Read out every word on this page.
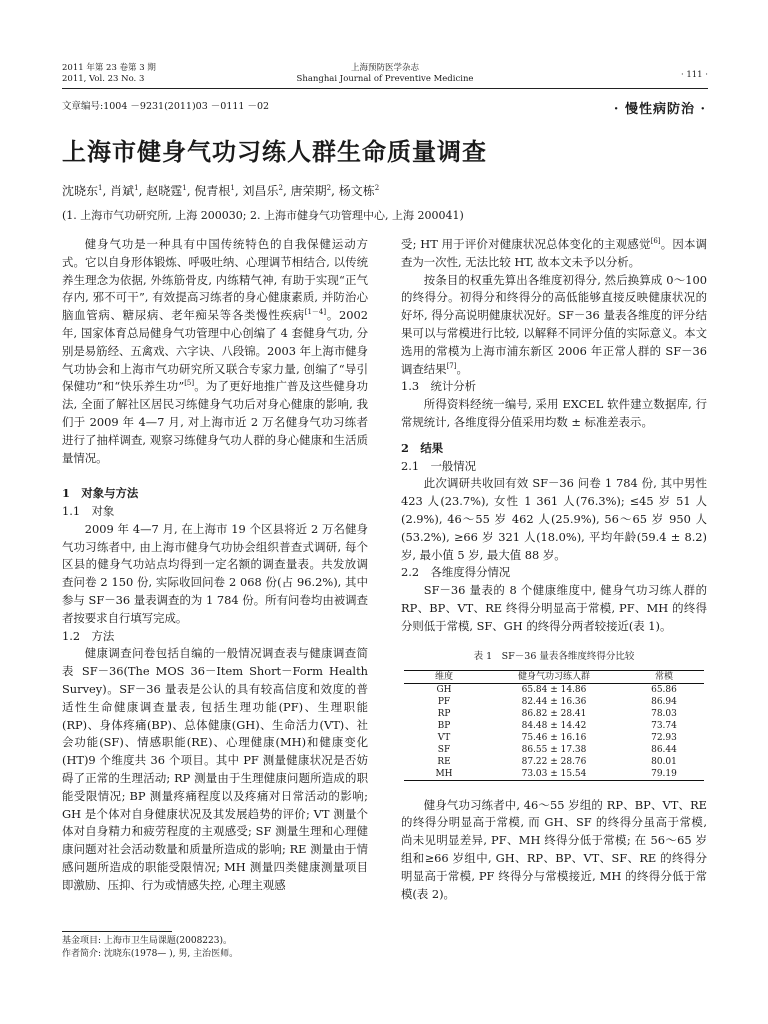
2011 年第 23 卷第 3 期
2011, Vol. 23 No. 3
上海预防医学杂志
Shanghai Journal of Preventive Medicine	· 111 ·
文章编号:1004 －9231(2011)03 －0111 －02	· 慢性病防治 ·
上海市健身气功习练人群生命质量调查
沈晓东$^1$, 肖斌$^1$, 赵晓霆$^1$, 倪青根$^1$, 刘昌乐$^2$, 唐荣期$^2$, 杨文栋$^2$
(1. 上海市气功研究所, 上海 200030; 2. 上海市健身气功管理中心, 上海 200041)

健身气功是一种具有中国传统特色的自我保健运动方式。它以自身形体锻炼、呼吸吐纳、心理调节相结合, 以传统养生理念为依据, 外练筋骨皮, 内练精气神, 有助于实现“正气存内, 邪不可干”, 有效提高习练者的身心健康素质, 并防治心脑血管病、糖尿病、老年痴呆等各类慢性疾病[1－4]。2002 年, 国家体育总局健身气功管理中心创编了 4 套健身气功, 分别是易筋经、五禽戏、六字诀、八段锦。2003 年上海市健身气功协会和上海市气功研究所又联合专家力量, 创编了“导引保健功”和“快乐养生功”[5]。为了更好地推广普及这些健身功法, 全面了解社区居民习练健身气功后对身心健康的影响, 我们于 2009 年 4—7 月, 对上海市近 2 万名健身气功习练者进行了抽样调查, 观察习练健身气功人群的身心健康和生活质量情况。

1　对象与方法
1.1　对象

2009 年 4—7 月, 在上海市 19 个区县将近 2 万名健身气功习练者中, 由上海市健身气功协会组织普查式调研, 每个区县的健身气功站点均得到一定名额的调查量表。共发放调查问卷 2 150 份, 实际收回问卷 2 068 份(占 96.2%), 其中参与 SF－36 量表调查的为 1 784 份。所有问卷均由被调查者按要求自行填写完成。

1.2　方法

健康调查问卷包括自编的一般情况调查表与健康调查简表 SF－36(The MOS 36－Item Short－Form Health Survey)。SF－36 量表是公认的具有较高信度和效度的普适性生命健康调查量表, 包括生理功能(PF)、生理职能(RP)、身体疼痛(BP)、总体健康(GH)、生命活力(VT)、社会功能(SF)、情感职能(RE)、心理健康(MH)和健康变化(HT)9 个维度共 36 个项目。其中 PF 测量健康状况是否妨碍了正常的生理活动; RP 测量由于生理健康问题所造成的职能受限情况; BP 测量疼痛程度以及疼痛对日常活动的影响; GH 是个体对自身健康状况及其发展趋势的评价; VT 测量个体对自身精力和疲劳程度的主观感受; SF 测量生理和心理健康问题对社会活动数量和质量所造成的影响; RE 测量由于情感问题所造成的职能受限情况; MH 测量四类健康测量项目即激励、压抑、行为或情感失控, 心理主观感

基金项目: 上海市卫生局课题(2008223)。
作者简介: 沈晓东(1978— ), 男, 主治医师。

受; HT 用于评价对健康状况总体变化的主观感觉[6]。因本调查为一次性, 无法比较 HT, 故本文未予以分析。

按条目的权重先算出各维度初得分, 然后换算成 0～100 的终得分。初得分和终得分的高低能够直接反映健康状况的好坏, 得分高说明健康状况好。SF－36 量表各维度的评分结果可以与常模进行比较, 以解释不同评分值的实际意义。本文选用的常模为上海市浦东新区 2006 年正常人群的 SF－36 调查结果[7]。

1.3　统计分析

所得资料经统一编号, 采用 EXCEL 软件建立数据库, 行常规统计, 各维度得分值采用均数 ± 标准差表示。

2　结果
2.1　一般情况

此次调研共收回有效 SF－36 问卷 1 784 份, 其中男性 423 人(23.7%), 女性 1 361 人(76.3%); ≤45 岁 51 人(2.9%), 46～55 岁 462 人(25.9%), 56～65 岁 950 人(53.2%), ≥66 岁 321 人(18.0%), 平均年龄(59.4 ± 8.2)岁, 最小值 5 岁, 最大值 88 岁。

2.2　各维度得分情况

SF－36 量表的 8 个健康维度中, 健身气功习练人群的 RP、BP、VT、RE 终得分明显高于常模, PF、MH 的终得分则低于常模, SF、GH 的终得分两者较接近(表 1)。

表 1　SF－36 量表各维度终得分比较
维度	健身气功习练人群	常模
GH	65.84 ± 14.86	65.86
PF	82.44 ± 16.36	86.94
RP	86.82 ± 28.41	78.03
BP	84.48 ± 14.42	73.74
VT	75.46 ± 16.16	72.93
SF	86.55 ± 17.38	86.44
RE	87.22 ± 28.76	80.01
MH	73.03 ± 15.54	79.19

健身气功习练者中, 46～55 岁组的 RP、BP、VT、RE 的终得分明显高于常模, 而 GH、SF 的终得分虽高于常模, 尚未见明显差异, PF、MH 终得分低于常模; 在 56～65 岁组和≥66 岁组中, GH、RP、BP、VT、SF、RE 的终得分明显高于常模, PF 终得分与常模接近, MH 的终得分低于常模(表 2)。
